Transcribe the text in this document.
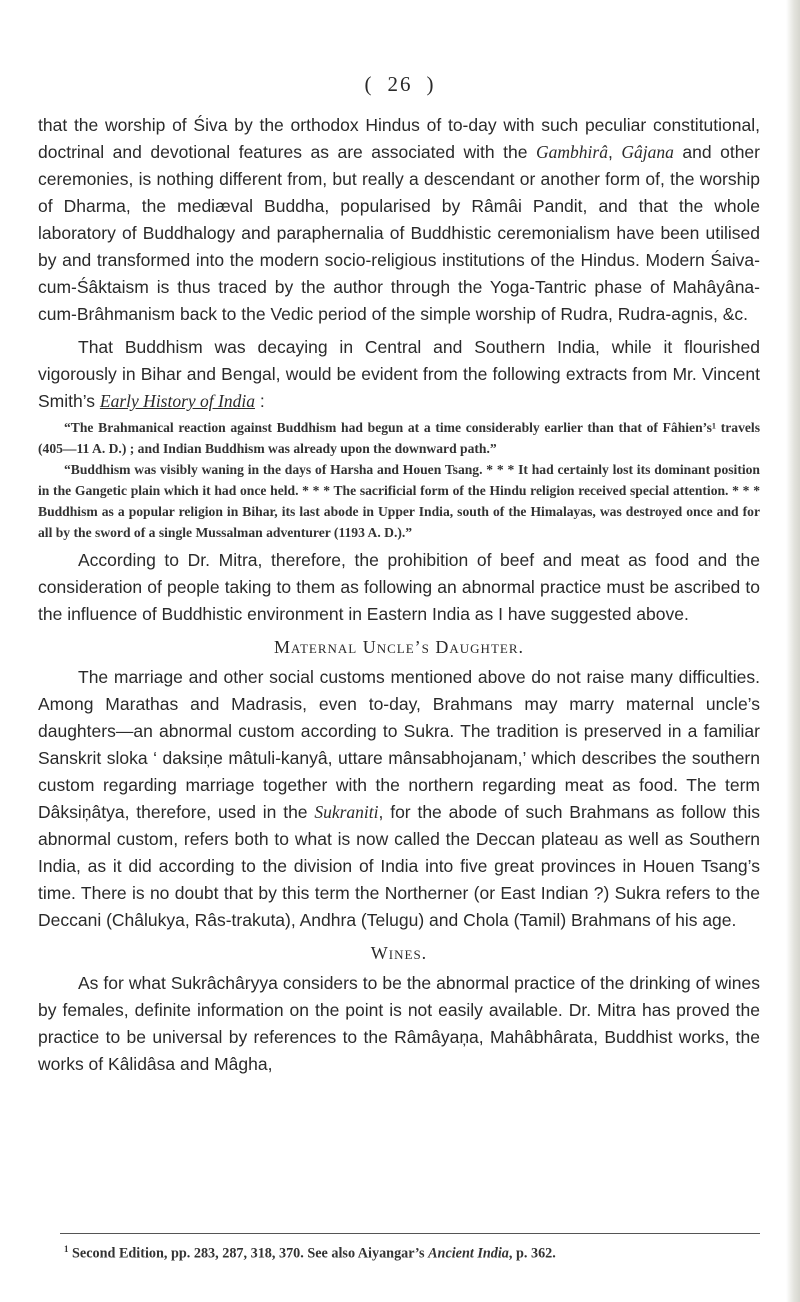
( 26 )

that the worship of Śiva by the orthodox Hindus of to-day with such peculiar constitutional, doctrinal and devotional features as are associated with the Gambhirâ, Gâjana and other ceremonies, is nothing different from, but really a descendant or another form of, the worship of Dharma, the mediæval Buddha, popularised by Râmâi Pandit, and that the whole laboratory of Buddhalogy and paraphernalia of Buddhistic ceremonialism have been utilised by and transformed into the modern socio-religious institutions of the Hindus. Modern Śaiva-cum-Śâktaism is thus traced by the author through the Yoga-Tantric phase of Mahâyâna-cum-Brâhmanism back to the Vedic period of the simple worship of Rudra, Rudra-agnis, &c.

That Buddhism was decaying in Central and Southern India, while it flourished vigorously in Bihar and Bengal, would be evident from the following extracts from Mr. Vincent Smith’s Early History of India :

“The Brahmanical reaction against Buddhism had begun at a time considerably earlier than that of Fâhien’s¹ travels (405—11 A. D.) ; and Indian Buddhism was already upon the downward path.”

“Buddhism was visibly waning in the days of Harsha and Houen Tsang. * * * It had certainly lost its dominant position in the Gangetic plain which it had once held. * * * The sacrificial form of the Hindu religion received special attention. * * * Buddhism as a popular religion in Bihar, its last abode in Upper India, south of the Himalayas, was destroyed once and for all by the sword of a single Mussalman adventurer (1193 A. D.).”

According to Dr. Mitra, therefore, the prohibition of beef and meat as food and the consideration of people taking to them as following an abnormal practice must be ascribed to the influence of Buddhistic environment in Eastern India as I have suggested above.

Maternal Uncle’s Daughter.

The marriage and other social customs mentioned above do not raise many difficulties. Among Marathas and Madrasis, even to-day, Brahmans may marry maternal uncle’s daughters—an abnormal custom according to Sukra. The tradition is preserved in a familiar Sanskrit sloka ‘ daksiņe mâtuli-kanyâ, uttare mânsabhojanam,’ which describes the southern custom regarding marriage together with the northern regarding meat as food. The term Dâksiņâtya, therefore, used in the Sukraniti, for the abode of such Brahmans as follow this abnormal custom, refers both to what is now called the Deccan plateau as well as Southern India, as it did according to the division of India into five great provinces in Houen Tsang’s time. There is no doubt that by this term the Northerner (or East Indian ?) Sukra refers to the Deccani (Châlukya, Râs-trakuta), Andhra (Telugu) and Chola (Tamil) Brahmans of his age.

Wines.

As for what Sukrâchâryya considers to be the abnormal practice of the drinking of wines by females, definite information on the point is not easily available. Dr. Mitra has proved the practice to be universal by references to the Râmâyaņa, Mahâbhârata, Buddhist works, the works of Kâlidâsa and Mâgha,

$^1$ Second Edition, pp. 283, 287, 318, 370. See also Aiyangar’s Ancient India, p. 362.
